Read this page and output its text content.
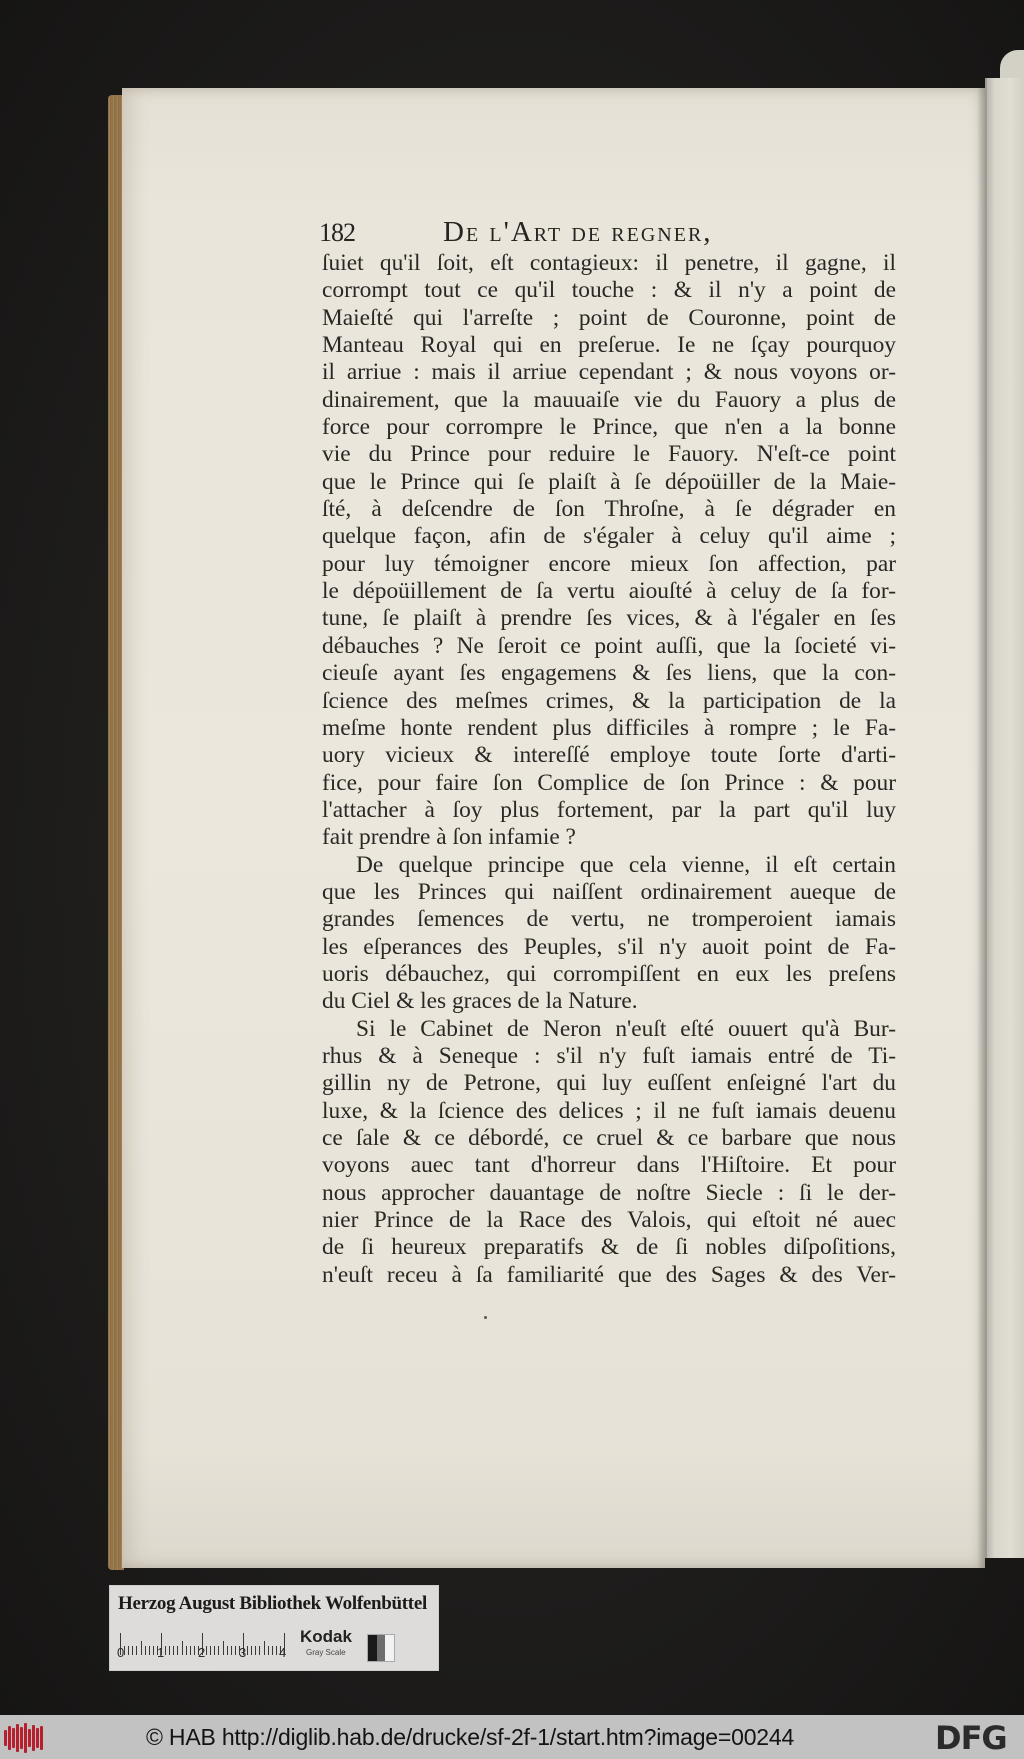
182	De l'Art de regner,
ſuiet qu'il ſoit, eſt contagieux: il penetre, il gagne, il
corrompt tout ce qu'il touche : & il n'y a point de
Maieſté qui l'arreſte ; point de Couronne, point de
Manteau Royal qui en preſerue. Ie ne ſçay pourquoy
il arriue : mais il arriue cependant ; & nous voyons or-
dinairement, que la mauuaiſe vie du Fauory a plus de
force pour corrompre le Prince, que n'en a la bonne
vie du Prince pour reduire le Fauory. N'eſt-ce point
que le Prince qui ſe plaiſt à ſe dépoüiller de la Maie-
ſté, à deſcendre de ſon Throſne, à ſe dégrader en
quelque façon, afin de s'égaler à celuy qu'il aime ;
pour luy témoigner encore mieux ſon affection, par
le dépoüillement de ſa vertu aiouſté à celuy de ſa for-
tune, ſe plaiſt à prendre ſes vices, & à l'égaler en ſes
débauches ? Ne ſeroit ce point auſſi, que la ſocieté vi-
cieuſe ayant ſes engagemens & ſes liens, que la con-
ſcience des meſmes crimes, & la participation de la
meſme honte rendent plus difficiles à rompre ; le Fa-
uory vicieux & intereſſé employe toute ſorte d'arti-
fice, pour faire ſon Complice de ſon Prince : & pour
l'attacher à ſoy plus fortement, par la part qu'il luy
fait prendre à ſon infamie ?
De quelque principe que cela vienne, il eſt certain
que les Princes qui naiſſent ordinairement aueque de
grandes ſemences de vertu, ne tromperoient iamais
les eſperances des Peuples, s'il n'y auoit point de Fa-
uoris débauchez, qui corrompiſſent en eux les preſens
du Ciel & les graces de la Nature.
Si le Cabinet de Neron n'euſt eſté ouuert qu'à Bur-
rhus & à Seneque : s'il n'y fuſt iamais entré de Ti-
gillin ny de Petrone, qui luy euſſent enſeigné l'art du
luxe, & la ſcience des delices ; il ne fuſt iamais deuenu
ce ſale & ce débordé, ce cruel & ce barbare que nous
voyons auec tant d'horreur dans l'Hiſtoire. Et pour
nous approcher dauantage de noſtre Siecle : ſi le der-
nier Prince de la Race des Valois, qui eſtoit né auec
de ſi heureux preparatifs & de ſi nobles diſpoſitions,
n'euſt receu à ſa familiarité que des Sages & des Ver-
Herzog August Bibliothek Wolfenbüttel
0	1	2	3	4
Kodak
Gray Scale
© HAB http://diglib.hab.de/drucke/sf-2f-1/start.htm?image=00244	DFG
